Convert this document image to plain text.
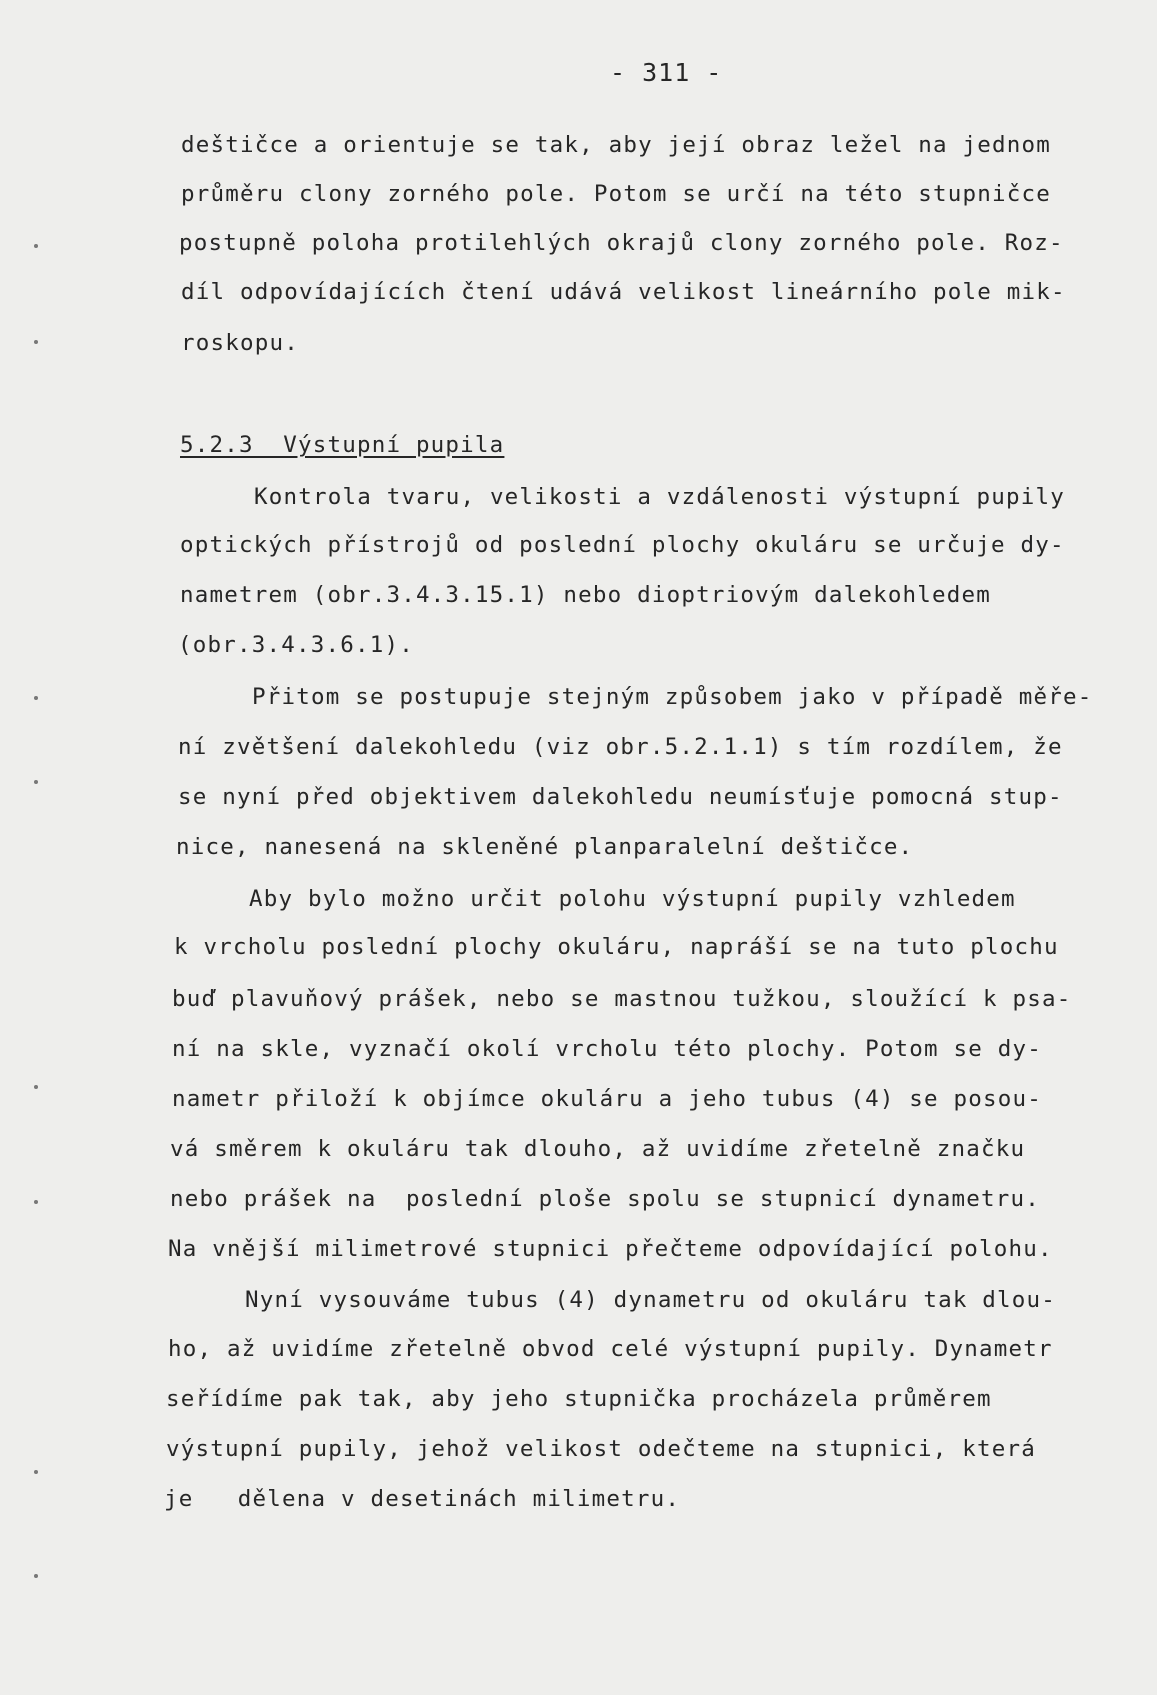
- 311 -
deštičce a orientuje se tak, aby její obraz ležel na jednom
průměru clony zorného pole. Potom se určí na této stupničce
postupně poloha protilehlých okrajů clony zorného pole. Roz-
díl odpovídajících čtení udává velikost lineárního pole mik-
roskopu.
5.2.3  Výstupní pupila
Kontrola tvaru, velikosti a vzdálenosti výstupní pupily
optických přístrojů od poslední plochy okuláru se určuje dy-
nametrem (obr.3.4.3.15.1) nebo dioptriovým dalekohledem
(obr.3.4.3.6.1).
Přitom se postupuje stejným způsobem jako v případě měře-
ní zvětšení dalekohledu (viz obr.5.2.1.1) s tím rozdílem, že
se nyní před objektivem dalekohledu neumísťuje pomocná stup-
nice, nanesená na skleněné planparalelní deštičce.
Aby bylo možno určit polohu výstupní pupily vzhledem
k vrcholu poslední plochy okuláru, napráší se na tuto plochu
buď plavuňový prášek, nebo se mastnou tužkou, sloužící k psa-
ní na skle, vyznačí okolí vrcholu této plochy. Potom se dy-
nametr přiloží k objímce okuláru a jeho tubus (4) se posou-
vá směrem k okuláru tak dlouho, až uvidíme zřetelně značku
nebo prášek na  poslední ploše spolu se stupnicí dynametru.
Na vnější milimetrové stupnici přečteme odpovídající polohu.
Nyní vysouváme tubus (4) dynametru od okuláru tak dlou-
ho, až uvidíme zřetelně obvod celé výstupní pupily. Dynametr
seřídíme pak tak, aby jeho stupnička procházela průměrem
výstupní pupily, jehož velikost odečteme na stupnici, která
je   dělena v desetinách milimetru.
